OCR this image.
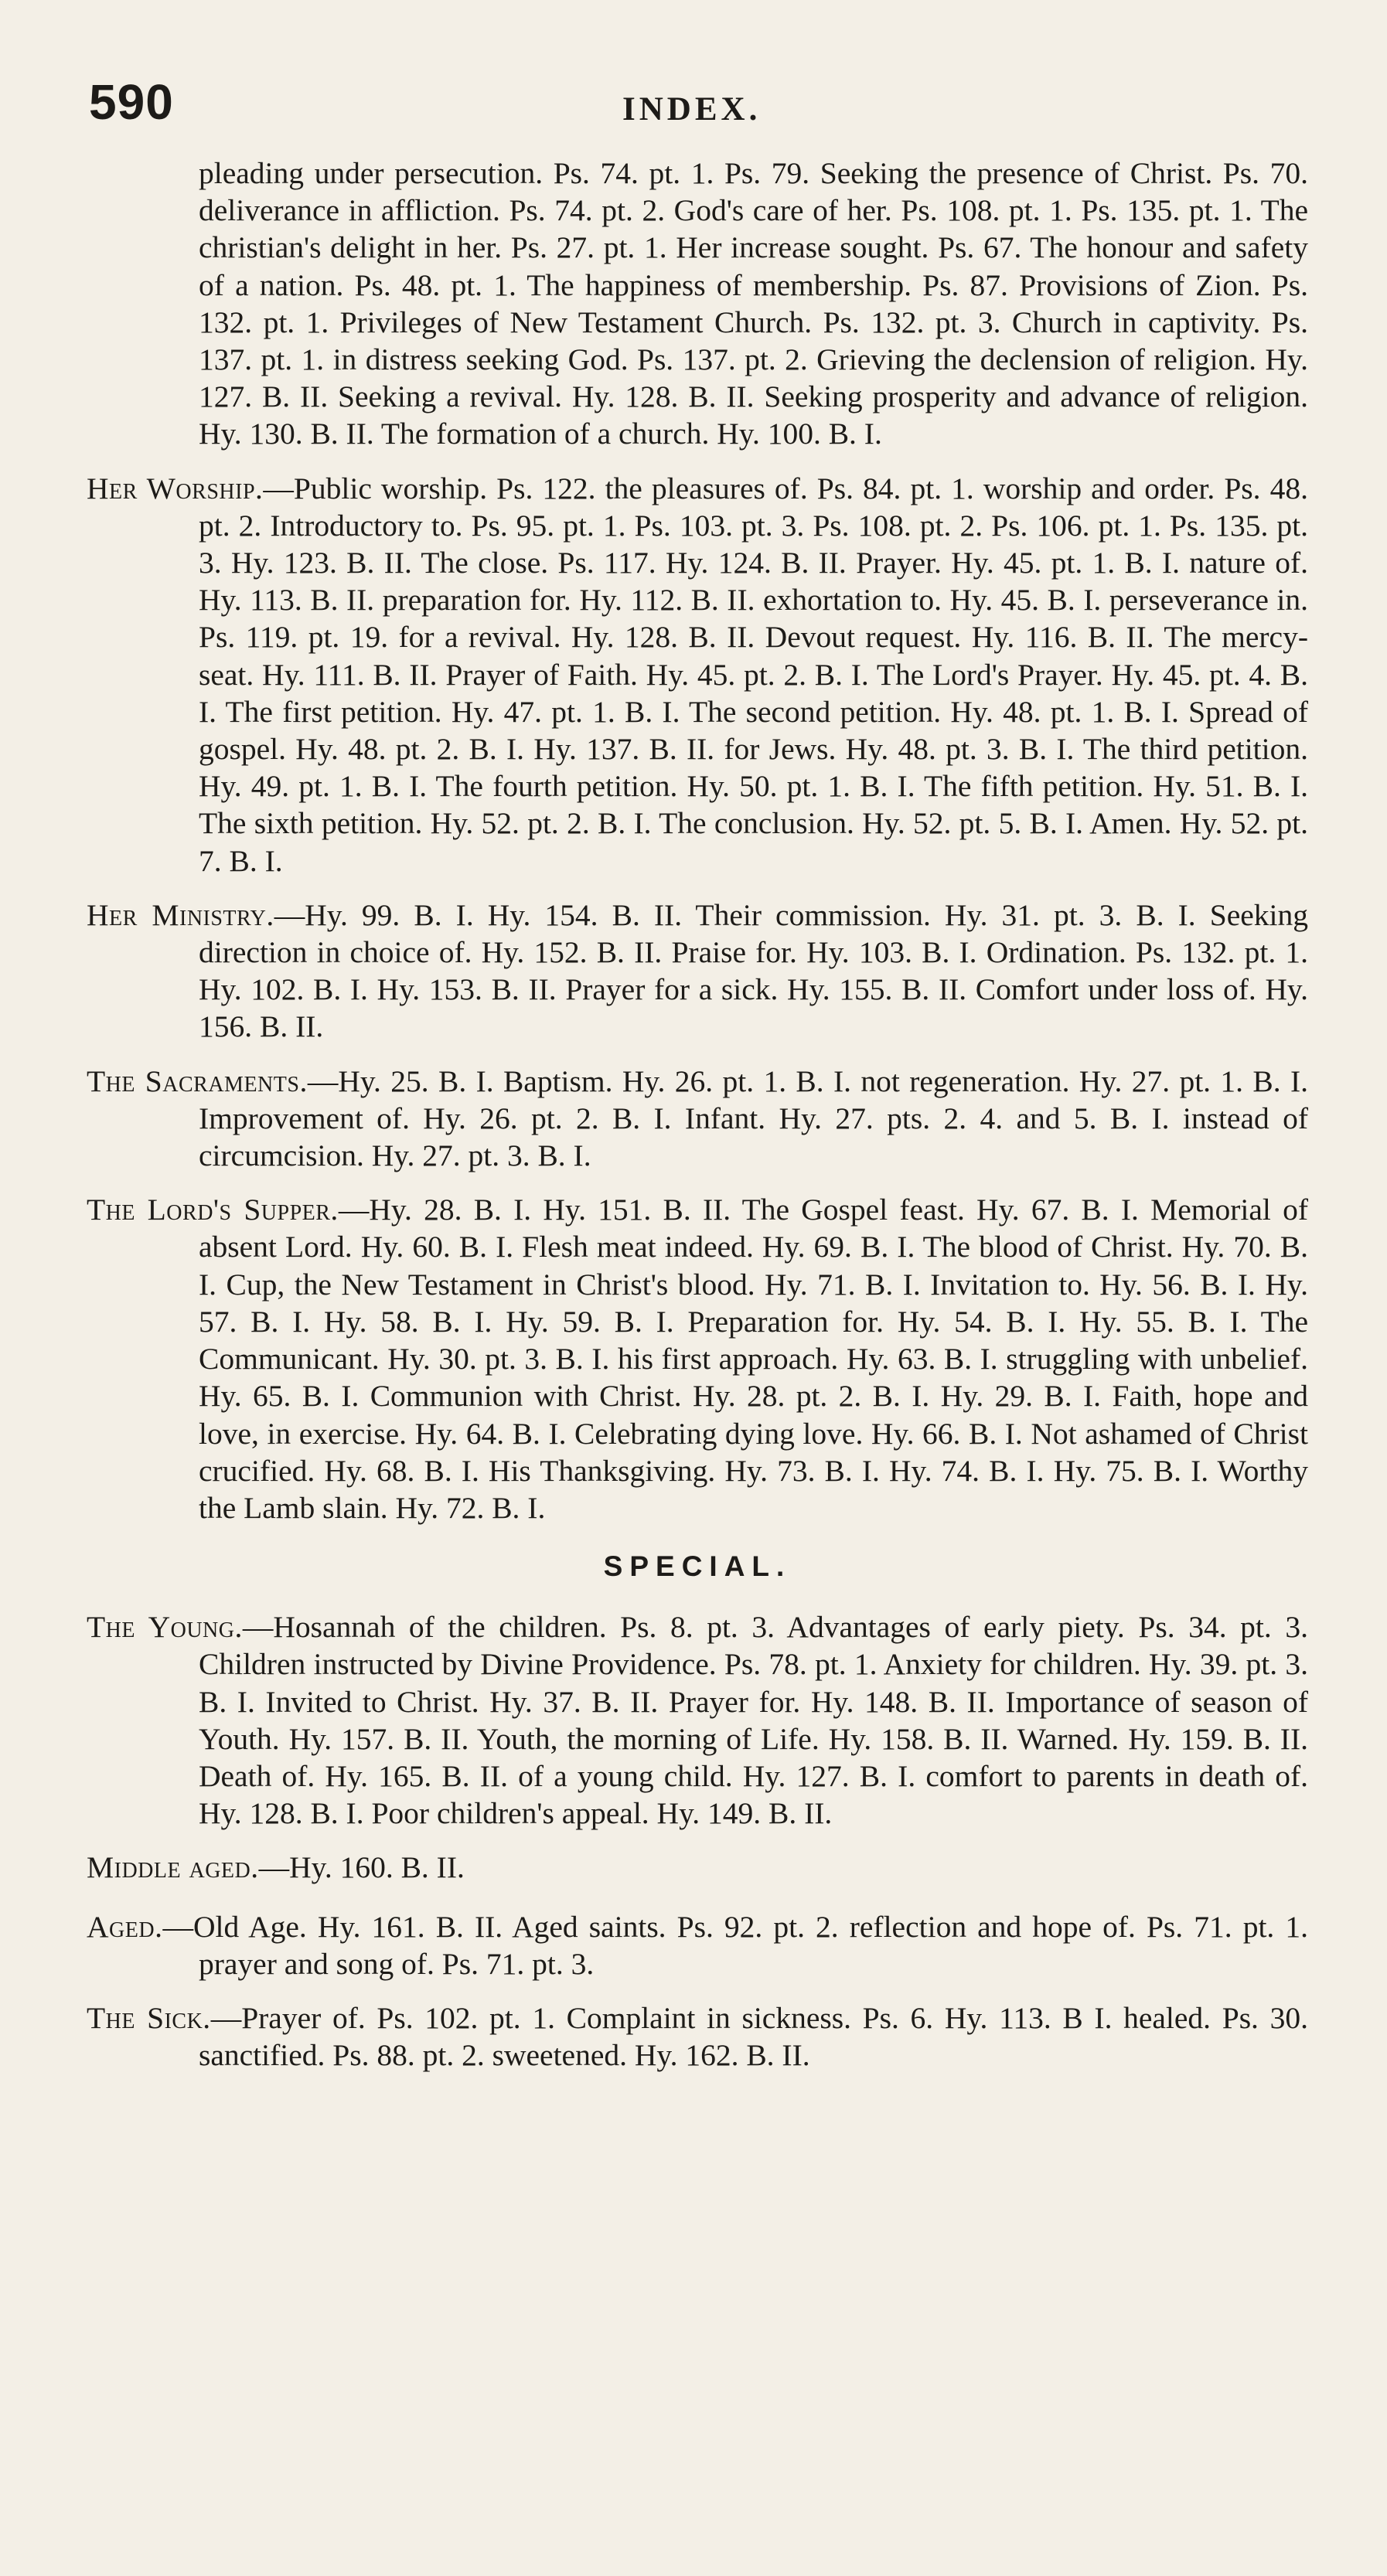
590	INDEX.

pleading under persecution. Ps. 74. pt. 1. Ps. 79. Seeking the presence of Christ. Ps. 70. deliverance in affliction. Ps. 74. pt. 2. God's care of her. Ps. 108. pt. 1. Ps. 135. pt. 1. The christian's delight in her. Ps. 27. pt. 1. Her increase sought. Ps. 67. The honour and safety of a nation. Ps. 48. pt. 1. The happiness of membership. Ps. 87. Provisions of Zion. Ps. 132. pt. 1. Privileges of New Testament Church. Ps. 132. pt. 3. Church in captivity. Ps. 137. pt. 1. in distress seeking God. Ps. 137. pt. 2. Grieving the declension of religion. Hy. 127. B. II. Seeking a revival. Hy. 128. B. II. Seeking prosperity and advance of religion. Hy. 130. B. II. The formation of a church. Hy. 100. B. I.

Her Worship.—Public worship. Ps. 122. the pleasures of. Ps. 84. pt. 1. worship and order. Ps. 48. pt. 2. Introductory to. Ps. 95. pt. 1. Ps. 103. pt. 3. Ps. 108. pt. 2. Ps. 106. pt. 1. Ps. 135. pt. 3. Hy. 123. B. II. The close. Ps. 117. Hy. 124. B. II. Prayer. Hy. 45. pt. 1. B. I. nature of. Hy. 113. B. II. preparation for. Hy. 112. B. II. exhortation to. Hy. 45. B. I. perseverance in. Ps. 119. pt. 19. for a revival. Hy. 128. B. II. Devout request. Hy. 116. B. II. The mercy-seat. Hy. 111. B. II. Prayer of Faith. Hy. 45. pt. 2. B. I. The Lord's Prayer. Hy. 45. pt. 4. B. I. The first petition. Hy. 47. pt. 1. B. I. The second petition. Hy. 48. pt. 1. B. I. Spread of gospel. Hy. 48. pt. 2. B. I. Hy. 137. B. II. for Jews. Hy. 48. pt. 3. B. I. The third petition. Hy. 49. pt. 1. B. I. The fourth petition. Hy. 50. pt. 1. B. I. The fifth petition. Hy. 51. B. I. The sixth petition. Hy. 52. pt. 2. B. I. The conclusion. Hy. 52. pt. 5. B. I. Amen. Hy. 52. pt. 7. B. I.

Her Ministry.—Hy. 99. B. I. Hy. 154. B. II. Their commission. Hy. 31. pt. 3. B. I. Seeking direction in choice of. Hy. 152. B. II. Praise for. Hy. 103. B. I. Ordination. Ps. 132. pt. 1. Hy. 102. B. I. Hy. 153. B. II. Prayer for a sick. Hy. 155. B. II. Comfort under loss of. Hy. 156. B. II.

The Sacraments.—Hy. 25. B. I. Baptism. Hy. 26. pt. 1. B. I. not regeneration. Hy. 27. pt. 1. B. I. Improvement of. Hy. 26. pt. 2. B. I. Infant. Hy. 27. pts. 2. 4. and 5. B. I. instead of circumcision. Hy. 27. pt. 3. B. I.

The Lord's Supper.—Hy. 28. B. I. Hy. 151. B. II. The Gospel feast. Hy. 67. B. I. Memorial of absent Lord. Hy. 60. B. I. Flesh meat indeed. Hy. 69. B. I. The blood of Christ. Hy. 70. B. I. Cup, the New Testament in Christ's blood. Hy. 71. B. I. Invitation to. Hy. 56. B. I. Hy. 57. B. I. Hy. 58. B. I. Hy. 59. B. I. Preparation for. Hy. 54. B. I. Hy. 55. B. I. The Communicant. Hy. 30. pt. 3. B. I. his first approach. Hy. 63. B. I. struggling with unbelief. Hy. 65. B. I. Communion with Christ. Hy. 28. pt. 2. B. I. Hy. 29. B. I. Faith, hope and love, in exercise. Hy. 64. B. I. Celebrating dying love. Hy. 66. B. I. Not ashamed of Christ crucified. Hy. 68. B. I. His Thanksgiving. Hy. 73. B. I. Hy. 74. B. I. Hy. 75. B. I. Worthy the Lamb slain. Hy. 72. B. I.

SPECIAL.

The Young.—Hosannah of the children. Ps. 8. pt. 3. Advantages of early piety. Ps. 34. pt. 3. Children instructed by Divine Providence. Ps. 78. pt. 1. Anxiety for children. Hy. 39. pt. 3. B. I. Invited to Christ. Hy. 37. B. II. Prayer for. Hy. 148. B. II. Importance of season of Youth. Hy. 157. B. II. Youth, the morning of Life. Hy. 158. B. II. Warned. Hy. 159. B. II. Death of. Hy. 165. B. II. of a young child. Hy. 127. B. I. comfort to parents in death of. Hy. 128. B. I. Poor children's appeal. Hy. 149. B. II.

Middle aged.—Hy. 160. B. II.

Aged.—Old Age. Hy. 161. B. II. Aged saints. Ps. 92. pt. 2. reflection and hope of. Ps. 71. pt. 1. prayer and song of. Ps. 71. pt. 3.

The Sick.—Prayer of. Ps. 102. pt. 1. Complaint in sickness. Ps. 6. Hy. 113. B I. healed. Ps. 30. sanctified. Ps. 88. pt. 2. sweetened. Hy. 162. B. II.
